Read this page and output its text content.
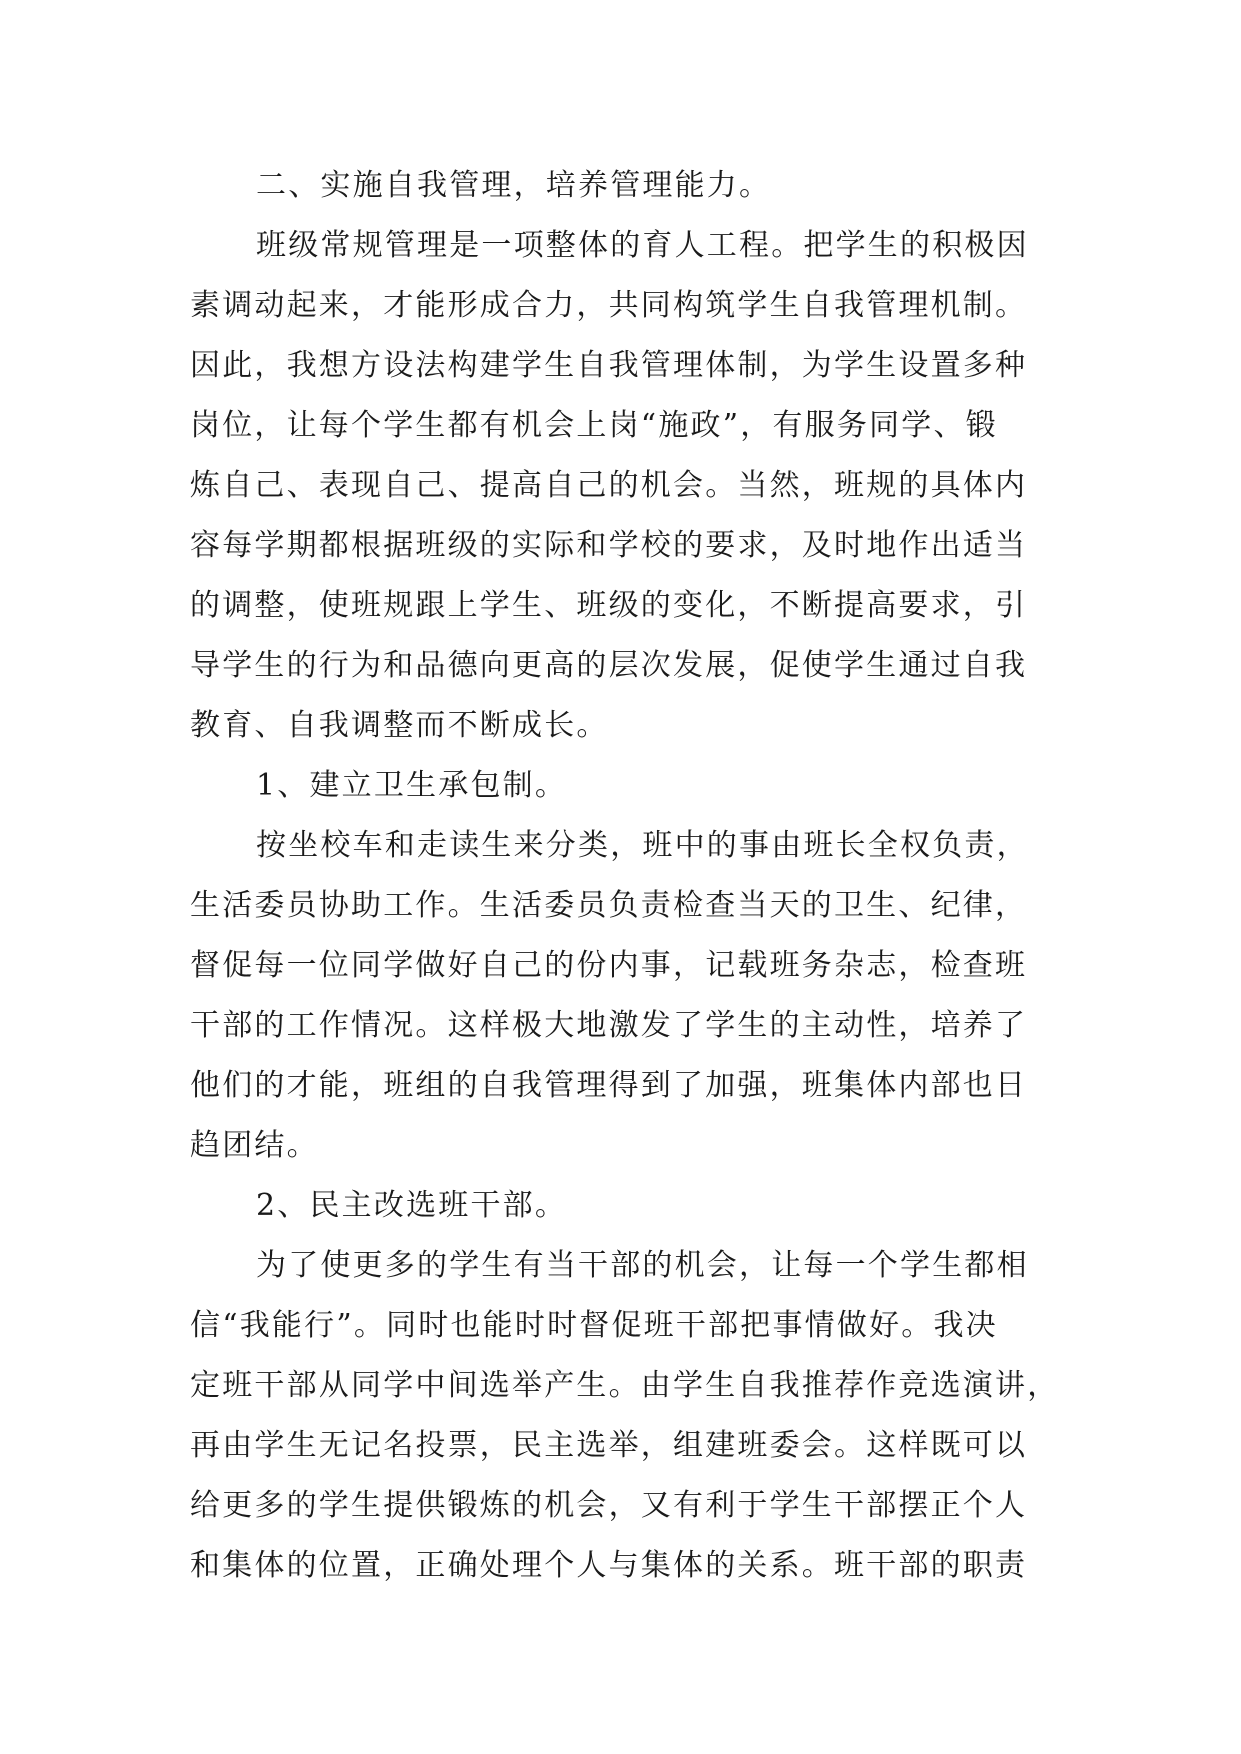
二、实施自我管理，培养管理能力。
班级常规管理是一项整体的育人工程。把学生的积极因
素调动起来，才能形成合力，共同构筑学生自我管理机制。
因此，我想方设法构建学生自我管理体制，为学生设置多种
岗位，让每个学生都有机会上岗“施政”，有服务同学、锻
炼自己、表现自己、提高自己的机会。当然，班规的具体内
容每学期都根据班级的实际和学校的要求，及时地作出适当
的调整，使班规跟上学生、班级的变化，不断提高要求，引
导学生的行为和品德向更高的层次发展，促使学生通过自我
教育、自我调整而不断成长。
1、建立卫生承包制。
按坐校车和走读生来分类，班中的事由班长全权负责，
生活委员协助工作。生活委员负责检查当天的卫生、纪律，
督促每一位同学做好自己的份内事，记载班务杂志，检查班
干部的工作情况。这样极大地激发了学生的主动性，培养了
他们的才能，班组的自我管理得到了加强，班集体内部也日
趋团结。
2、民主改选班干部。
为了使更多的学生有当干部的机会，让每一个学生都相
信“我能行”。同时也能时时督促班干部把事情做好。我决
定班干部从同学中间选举产生。由学生自我推荐作竞选演讲，
再由学生无记名投票，民主选举，组建班委会。这样既可以
给更多的学生提供锻炼的机会，又有利于学生干部摆正个人
和集体的位置，正确处理个人与集体的关系。班干部的职责
